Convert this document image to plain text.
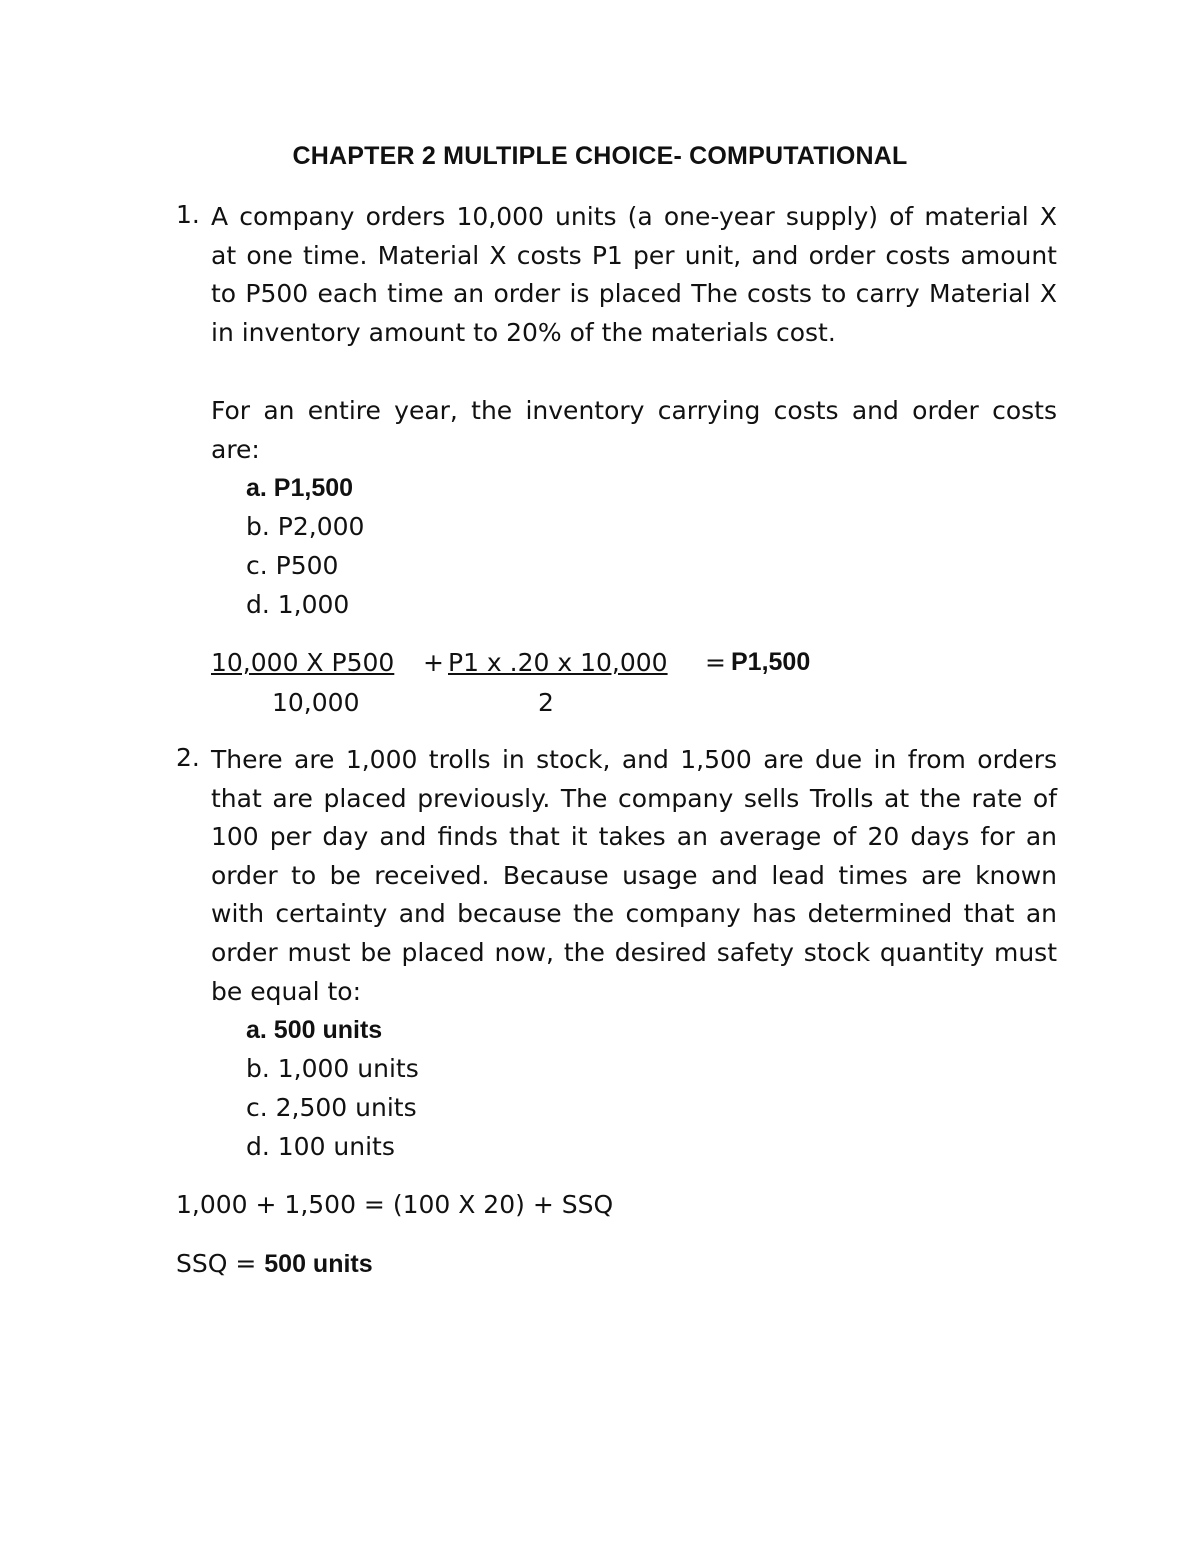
CHAPTER 2 MULTIPLE CHOICE- COMPUTATIONAL
1. A company orders 10,000 units (a one-year supply) of material X at one time. Material X costs P1 per unit, and order costs amount to P500 each time an order is placed The costs to carry Material X in inventory amount to 20% of the materials cost.

For an entire year, the inventory carrying costs and order costs are:

a. P1,500

b. P2,000

c. P500

d. 1,000

10,000 X P500

10,000

+ P1 x .20 x 10,000

2

= P1,500

2. There are 1,000 trolls in stock, and 1,500 are due in from orders that are placed previously. The company sells Trolls at the rate of 100 per day and finds that it takes an average of 20 days for an order to be received. Because usage and lead times are known with certainty and because the company has determined that an order must be placed now, the desired safety stock quantity must be equal to:

a. 500 units

b. 1,000 units

c. 2,500 units

d. 100 units

1,000 + 1,500 = (100 X 20) + SSQ

SSQ = 500 units
